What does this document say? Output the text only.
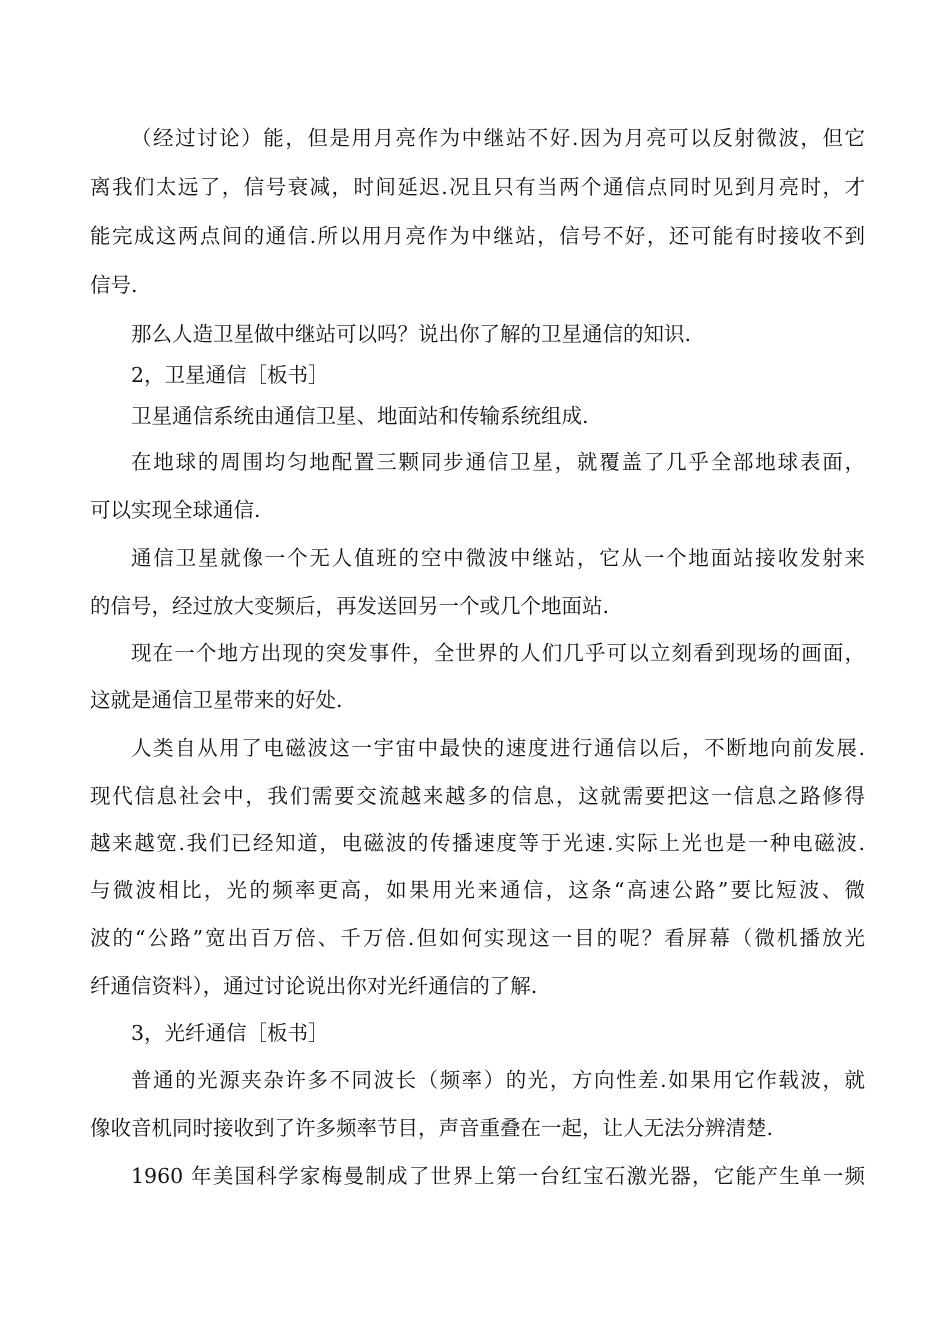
（经过讨论）能，但是用月亮作为中继站不好.因为月亮可以反射微波，但它
离我们太远了，信号衰减，时间延迟.况且只有当两个通信点同时见到月亮时，才
能完成这两点间的通信.所以用月亮作为中继站，信号不好，还可能有时接收不到
信号.
那么人造卫星做中继站可以吗？说出你了解的卫星通信的知识.
2，卫星通信［板书］
卫星通信系统由通信卫星、地面站和传输系统组成.
在地球的周围均匀地配置三颗同步通信卫星，就覆盖了几乎全部地球表面，
可以实现全球通信.
通信卫星就像一个无人值班的空中微波中继站，它从一个地面站接收发射来
的信号，经过放大变频后，再发送回另一个或几个地面站.
现在一个地方出现的突发事件，全世界的人们几乎可以立刻看到现场的画面，
这就是通信卫星带来的好处.
人类自从用了电磁波这一宇宙中最快的速度进行通信以后，不断地向前发展.
现代信息社会中，我们需要交流越来越多的信息，这就需要把这一信息之路修得
越来越宽.我们已经知道，电磁波的传播速度等于光速.实际上光也是一种电磁波.
与微波相比，光的频率更高，如果用光来通信，这条“高速公路”要比短波、微
波的“公路”宽出百万倍、千万倍.但如何实现这一目的呢？看屏幕（微机播放光
纤通信资料），通过讨论说出你对光纤通信的了解.
3，光纤通信［板书］
普通的光源夹杂许多不同波长（频率）的光，方向性差.如果用它作载波，就
像收音机同时接收到了许多频率节目，声音重叠在一起，让人无法分辨清楚.
1960 年美国科学家梅曼制成了世界上第一台红宝石激光器，它能产生单一频
